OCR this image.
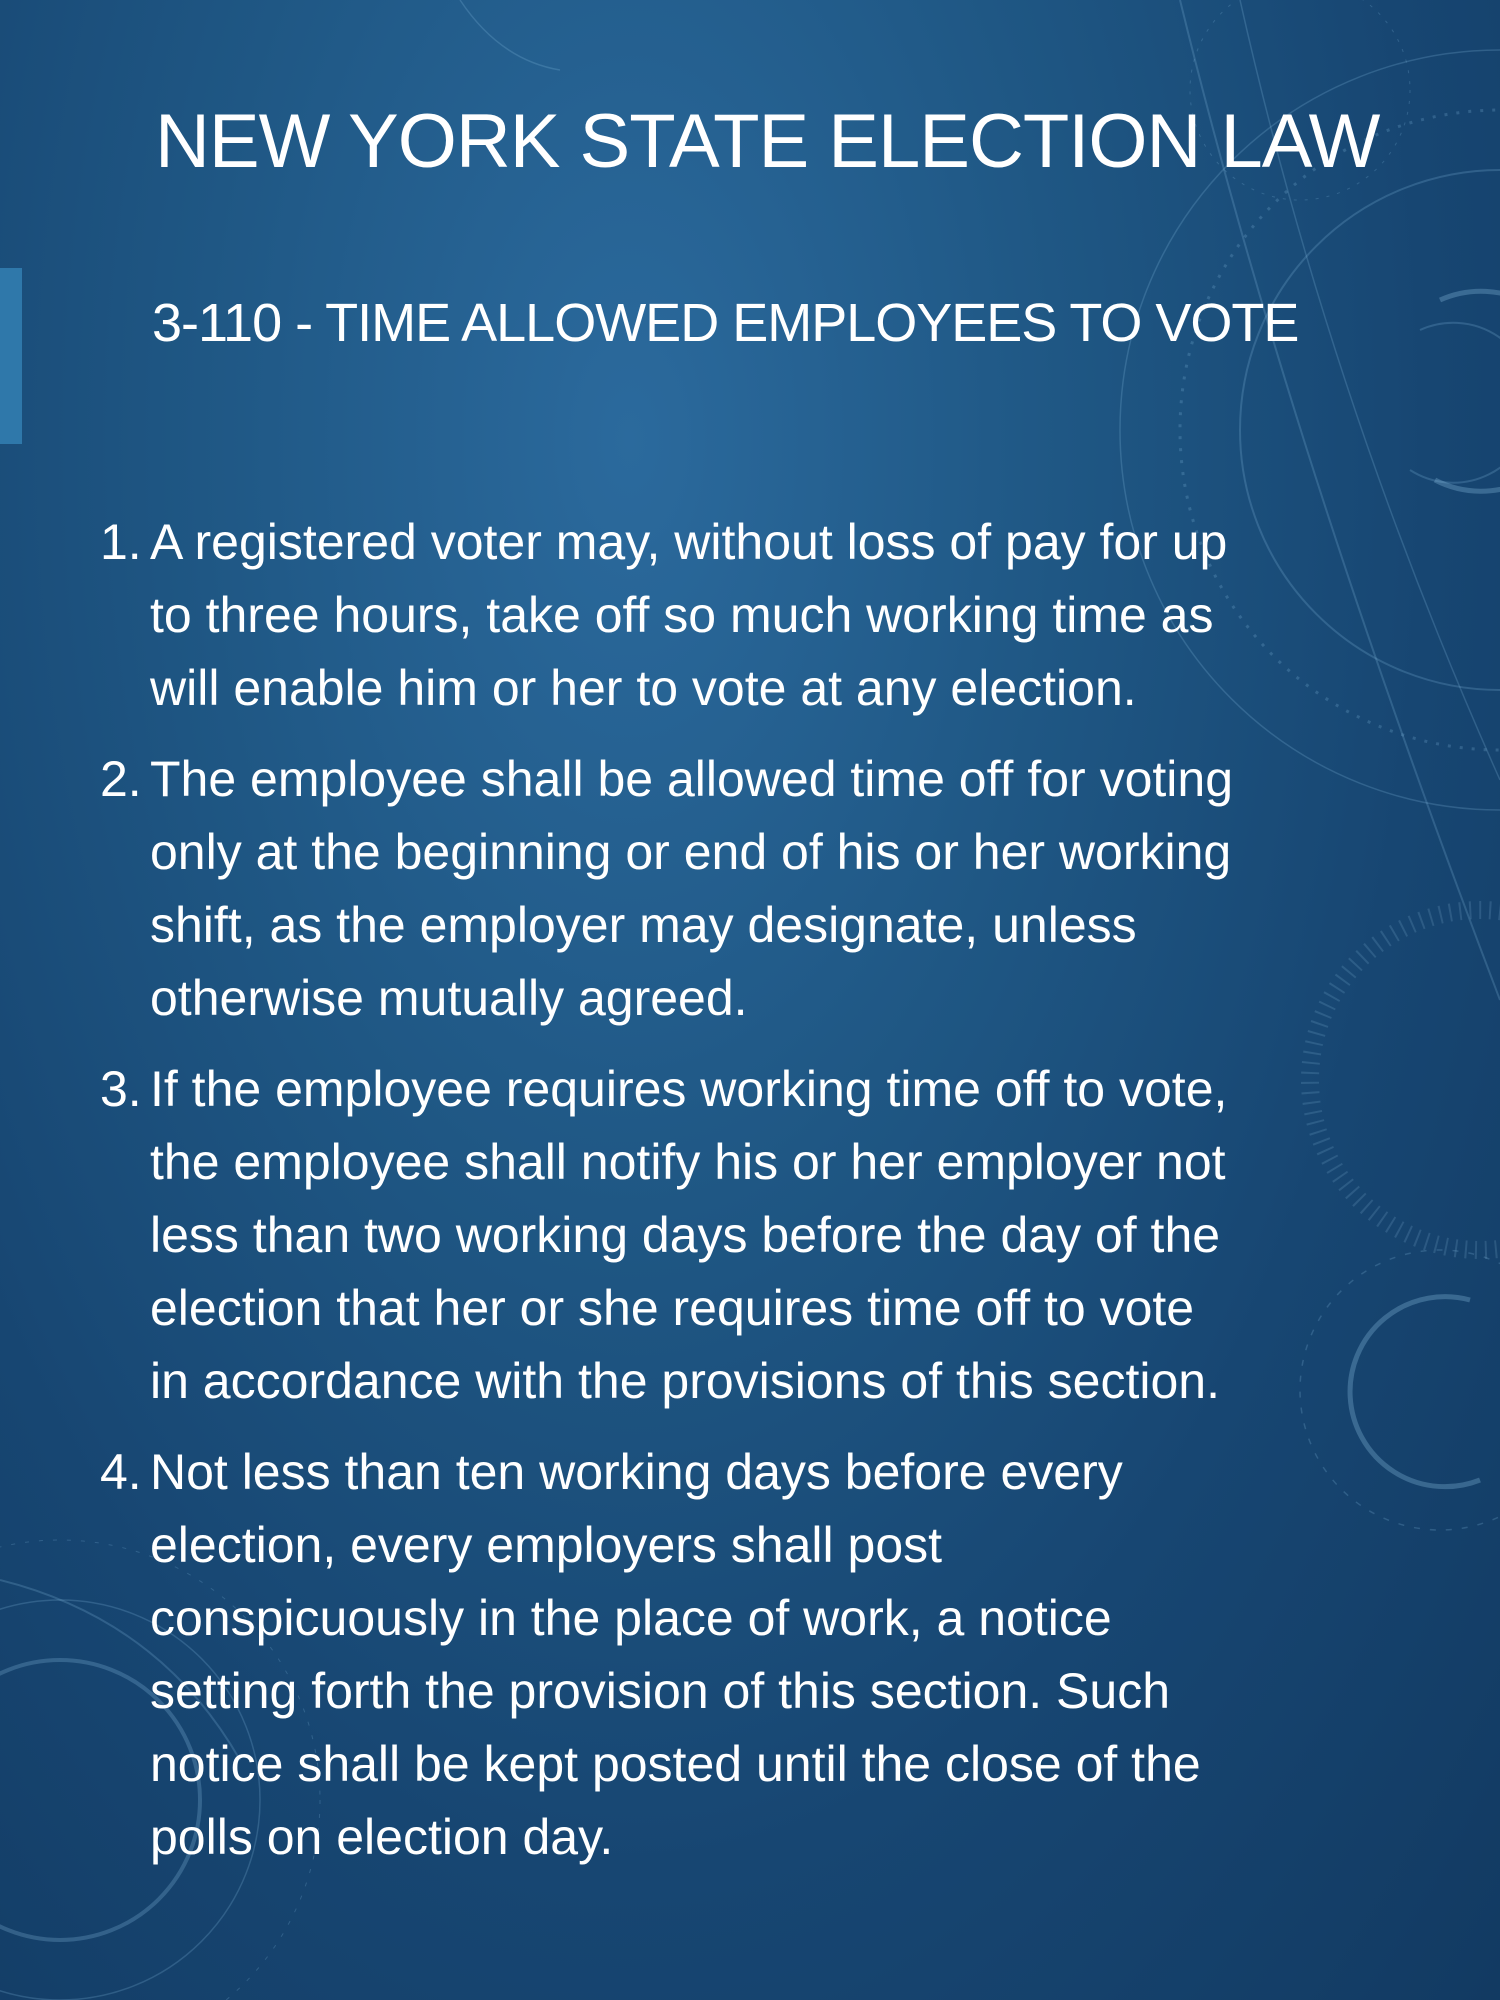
NEW YORK STATE ELECTION LAW
3-110 - TIME ALLOWED EMPLOYEES TO VOTE
1. A registered voter may, without loss of pay for up
to three hours, take off so much working time as
will enable him or her to vote at any election.
2. The employee shall be allowed time off for voting
only at the beginning or end of his or her working
shift, as the employer may designate, unless
otherwise mutually agreed.
3. If the employee requires working time off to vote,
the employee shall notify his or her employer not
less than two working days before the day of the
election that her or she requires time off to vote
in accordance with the provisions of this section.
4. Not less than ten working days before every
election, every employers shall post
conspicuously in the place of work, a notice
setting forth the provision of this section. Such
notice shall be kept posted until the close of the
polls on election day.
